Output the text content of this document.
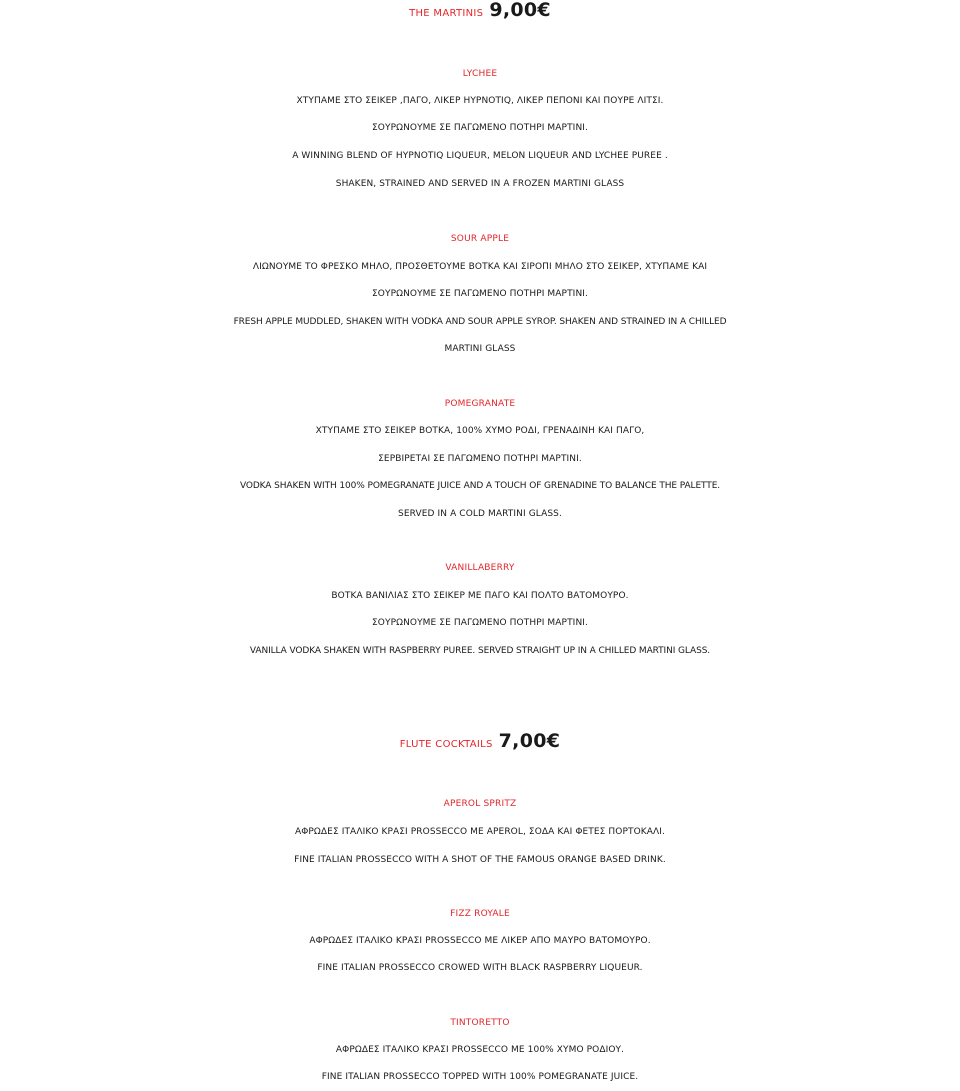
THE MARTINIS 9,00€
LYCHEE
ΧΤΥΠΑΜΕ ΣΤΟ ΣΕΙΚΕΡ ,ΠΑΓΟ, ΛΙΚΕΡ HYPNOTIQ, ΛΙΚΕΡ ΠΕΠΟΝΙ ΚΑΙ ΠΟΥΡΕ ΛΙΤΣΙ.
ΣΟΥΡΩΝΟΥΜΕ ΣΕ ΠΑΓΩΜΕΝΟ ΠΟΤΗΡΙ ΜΑΡΤΙΝΙ.
A WINNING BLEND OF HYPNOTIQ LIQUEUR, MELON LIQUEUR AND LYCHEE PUREE .
SHAKEN, STRAINED AND SERVED IN A FROZEN MARTINI GLASS
SOUR APPLE
ΛΙΩΝΟΥΜΕ ΤΟ ΦΡΕΣΚΟ ΜΗΛΟ, ΠΡΟΣΘΕΤΟΥΜΕ ΒΟΤΚΑ ΚΑΙ ΣΙΡΟΠΙ ΜΗΛΟ ΣΤΟ ΣΕΙΚΕΡ, ΧΤΥΠΑΜΕ ΚΑΙ
ΣΟΥΡΩΝΟΥΜΕ ΣΕ ΠΑΓΩΜΕΝΟ ΠΟΤΗΡΙ ΜΑΡΤΙΝΙ.
FRESH APPLE MUDDLED, SHAKEN WITH VODKA AND SOUR APPLE SYROP. SHAKEN AND STRAINED IN A CHILLED
MARTINI GLASS
POMEGRANATE
ΧΤΥΠΑΜΕ ΣΤΟ ΣΕΙΚΕΡ ΒΟΤΚΑ, 100% ΧΥΜΟ ΡΟΔΙ, ΓΡΕΝΑΔΙΝΗ ΚΑΙ ΠΑΓΟ,
ΣΕΡΒΙΡΕΤΑΙ ΣΕ ΠΑΓΩΜΕΝΟ ΠΟΤΗΡΙ ΜΑΡΤΙΝΙ.
VODKA SHAKEN WITH 100% POMEGRANATE JUICE AND A TOUCH OF GRENADINE TO BALANCE THE PALETTE.
SERVED IN A COLD MARTINI GLASS.
VANILLABERRY
ΒΟΤΚΑ ΒΑΝΙΛΙΑΣ ΣΤΟ ΣΕΙΚΕΡ ΜΕ ΠΑΓΟ ΚΑΙ ΠΟΛΤΟ ΒΑΤΟΜΟΥΡΟ.
ΣΟΥΡΩΝΟΥΜΕ ΣΕ ΠΑΓΩΜΕΝΟ ΠΟΤΗΡΙ ΜΑΡΤΙΝΙ.
VANILLA VODKA SHAKEN WITH RASPBERRY PUREE. SERVED STRAIGHT UP IN A CHILLED MARTINI GLASS.
FLUTE COCKTAILS 7,00€
APEROL SPRITZ
ΑΦΡΩΔΕΣ ΙΤΑΛΙΚΟ ΚΡΑΣΙ PROSSECCO ΜΕ APEROL, ΣΟΔΑ ΚΑΙ ΦΕΤΕΣ ΠΟΡΤΟΚΑΛΙ.
FINE ITALIAN PROSSECCO WITH A SHOT OF THE FAMOUS ORANGE BASED DRINK.
FIZZ ROYALE
ΑΦΡΩΔΕΣ ΙΤΑΛΙΚΟ ΚΡΑΣΙ PROSSECCO ΜΕ ΛΙΚΕΡ ΑΠΟ ΜΑΥΡΟ ΒΑΤΟΜΟΥΡΟ.
FINE ITALIAN PROSSECCO CROWED WITH BLACK RASPBERRY LIQUEUR.
TINTORETTO
ΑΦΡΩΔΕΣ ΙΤΑΛΙΚΟ ΚΡΑΣΙ PROSSECCO ΜΕ 100% ΧΥΜΟ ΡΟΔΙΟΥ.
FINE ITALIAN PROSSECCO TOPPED WITH 100% POMEGRANATE JUICE.
